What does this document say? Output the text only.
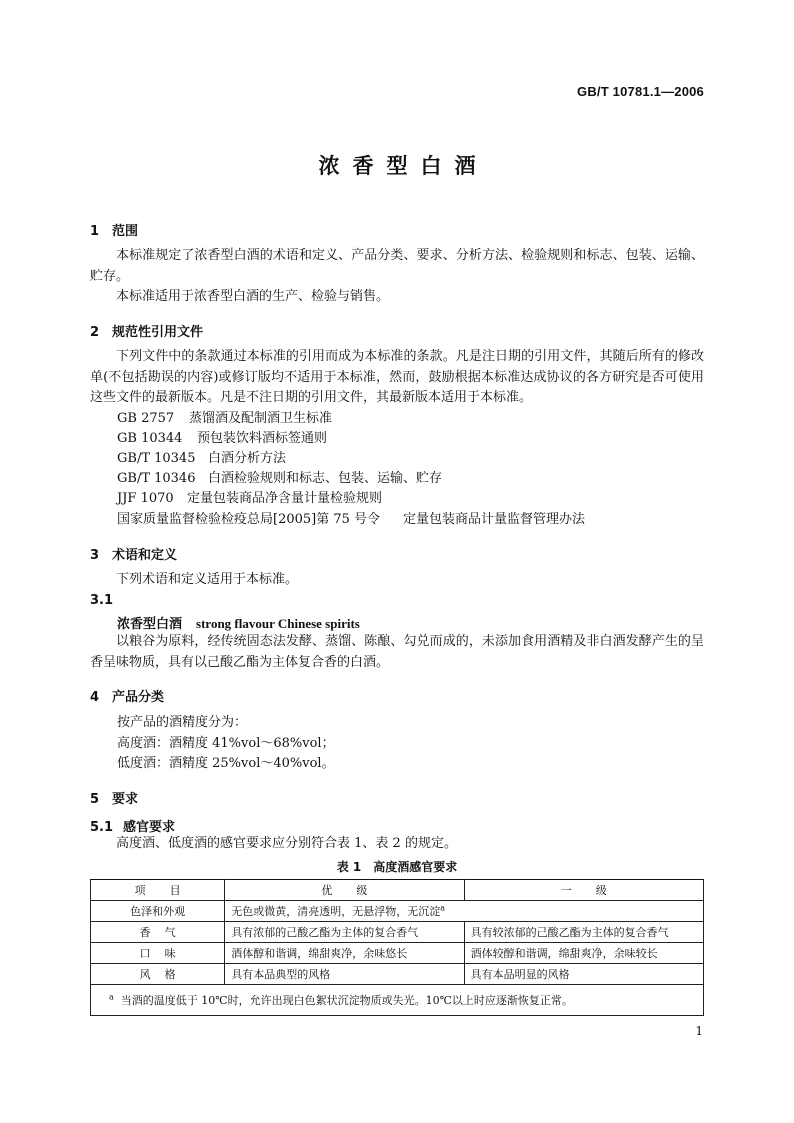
GB/T 10781.1—2006
浓香型白酒
1 范围
本标准规定了浓香型白酒的术语和定义、产品分类、要求、分析方法、检验规则和标志、包装、运输、贮存。
本标准适用于浓香型白酒的生产、检验与销售。
2 规范性引用文件
下列文件中的条款通过本标准的引用而成为本标准的条款。凡是注日期的引用文件，其随后所有的修改单(不包括勘误的内容)或修订版均不适用于本标准，然而，鼓励根据本标准达成协议的各方研究是否可使用这些文件的最新版本。凡是不注日期的引用文件，其最新版本适用于本标准。
GB 2757 蒸馏酒及配制酒卫生标准
GB 10344 预包装饮料酒标签通则
GB/T 10345 白酒分析方法
GB/T 10346 白酒检验规则和标志、包装、运输、贮存
JJF 1070 定量包装商品净含量计量检验规则
国家质量监督检验检疫总局[2005]第 75 号令 定量包装商品计量监督管理办法
3 术语和定义
下列术语和定义适用于本标准。
3.1
浓香型白酒 strong flavour Chinese spirits
以粮谷为原料，经传统固态法发酵、蒸馏、陈酿、勾兑而成的，未添加食用酒精及非白酒发酵产生的呈香呈味物质，具有以己酸乙酯为主体复合香的白酒。
4 产品分类
按产品的酒精度分为：
高度酒：酒精度 41%vol～68%vol；
低度酒：酒精度 25%vol～40%vol。
5 要求
5.1 感官要求
高度酒、低度酒的感官要求应分别符合表 1、表 2 的规定。
表 1 高度酒感官要求
项目	优级	一级
色泽和外观	无色或微黄，清亮透明，无悬浮物，无沉淀$^a$
香气	具有浓郁的己酸乙酯为主体的复合香气	具有较浓郁的己酸乙酯为主体的复合香气
口味	酒体醇和谐调，绵甜爽净，余味悠长	酒体较醇和谐调，绵甜爽净，余味较长
风格	具有本品典型的风格	具有本品明显的风格
$^a$ 当酒的温度低于 10℃时，允许出现白色絮状沉淀物质或失光。10℃以上时应逐渐恢复正常。		
1
